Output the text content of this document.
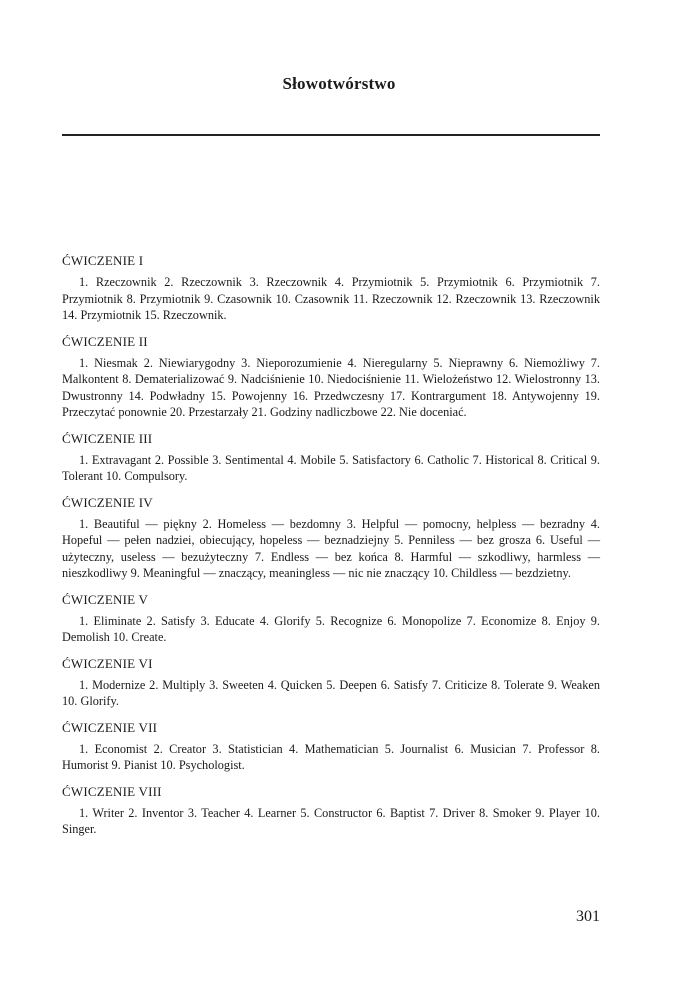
Słowotwórstwo
ĆWICZENIE I
1. Rzeczownik 2. Rzeczownik 3. Rzeczownik 4. Przymiotnik 5. Przymiotnik 6. Przymiotnik 7. Przymiotnik 8. Przymiotnik 9. Czasownik 10. Czasownik 11. Rzeczownik 12. Rzeczownik 13. Rzeczownik 14. Przymiotnik 15. Rzeczownik.
ĆWICZENIE II
1. Niesmak 2. Niewiarygodny 3. Nieporozumienie 4. Nieregularny 5. Nieprawny 6. Niemożliwy 7. Malkontent 8. Dematerializować 9. Nadciśnienie 10. Niedociśnienie 11. Wielożeństwo 12. Wielostronny 13. Dwustronny 14. Podwładny 15. Powojenny 16. Przedwczesny 17. Kontrargument 18. Antywojenny 19. Przeczytać ponownie 20. Przestarzały 21. Godziny nadliczbowe 22. Nie doceniać.
ĆWICZENIE III
1. Extravagant 2. Possible 3. Sentimental 4. Mobile 5. Satisfactory 6. Catholic 7. Historical 8. Critical 9. Tolerant 10. Compulsory.
ĆWICZENIE IV
1. Beautiful — piękny 2. Homeless — bezdomny 3. Helpful — pomocny, helpless — bezradny 4. Hopeful — pełen nadziei, obiecujący, hopeless — beznadziejny 5. Penniless — bez grosza 6. Useful — użyteczny, useless — bezużyteczny 7. Endless — bez końca 8. Harmful — szkodliwy, harmless — nieszkodliwy 9. Meaningful — znaczący, meaningless — nic nie znaczący 10. Childless — bezdzietny.
ĆWICZENIE V
1. Eliminate 2. Satisfy 3. Educate 4. Glorify 5. Recognize 6. Monopolize 7. Economize 8. Enjoy 9. Demolish 10. Create.
ĆWICZENIE VI
1. Modernize 2. Multiply 3. Sweeten 4. Quicken 5. Deepen 6. Satisfy 7. Criticize 8. Tolerate 9. Weaken 10. Glorify.
ĆWICZENIE VII
1. Economist 2. Creator 3. Statistician 4. Mathematician 5. Journalist 6. Musician 7. Professor 8. Humorist 9. Pianist 10. Psychologist.
ĆWICZENIE VIII
1. Writer 2. Inventor 3. Teacher 4. Learner 5. Constructor 6. Baptist 7. Driver 8. Smoker 9. Player 10. Singer.
301
